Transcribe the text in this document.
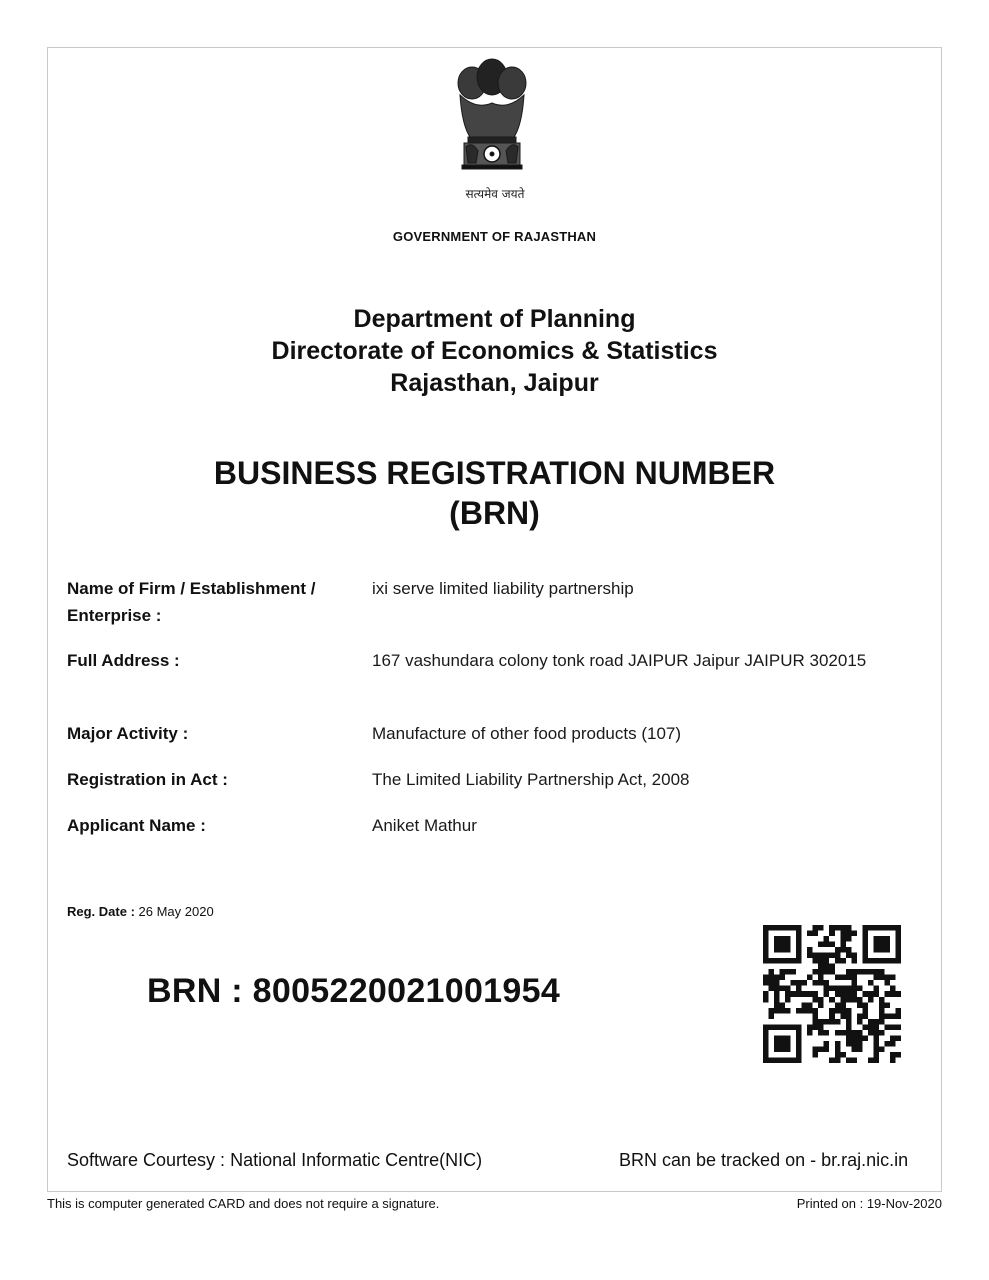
सत्यमेव जयते
GOVERNMENT OF RAJASTHAN
Department of Planning
Directorate of Economics & Statistics
Rajasthan, Jaipur
BUSINESS REGISTRATION NUMBER
(BRN)
Name of Firm / Establishment / Enterprise :
ixi serve limited liability partnership
Full Address :	167 vashundara colony tonk road JAIPUR Jaipur JAIPUR 302015
Major Activity :	Manufacture of other food products (107)
Registration in Act :	The Limited Liability Partnership Act, 2008
Applicant Name :	Aniket Mathur
Reg. Date : 26 May 2020
BRN : 8005220021001954
Software Courtesy : National Informatic Centre(NIC)	BRN can be tracked on - br.raj.nic.in
This is computer generated CARD and does not require a signature.	Printed on : 19-Nov-2020
